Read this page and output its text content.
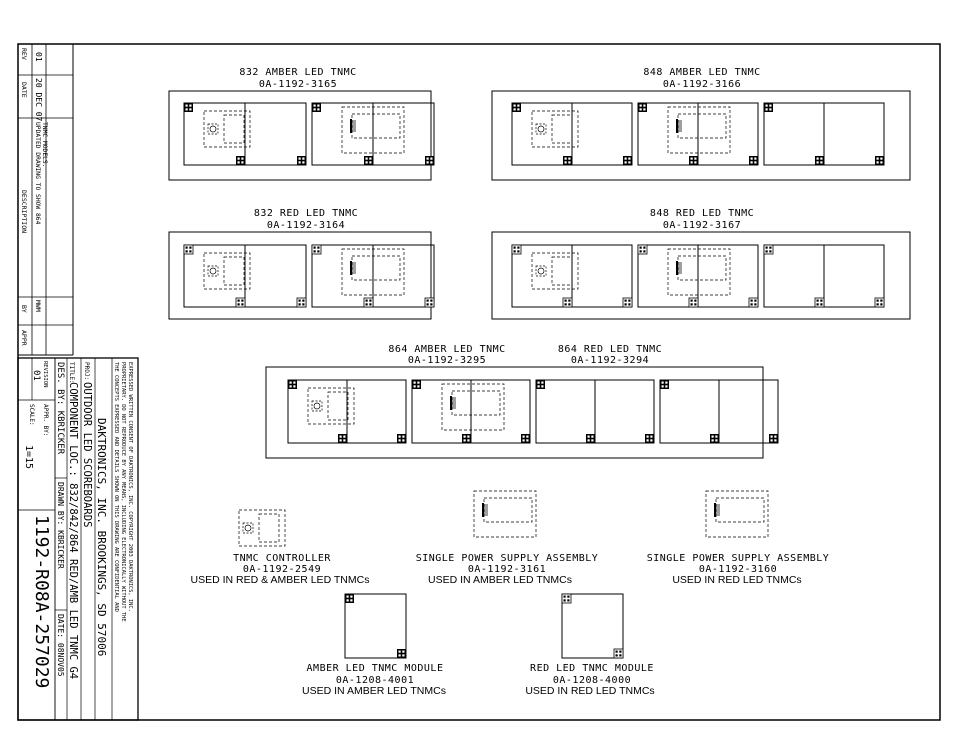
REV
DATE
DESCRIPTION
BY
APPR
01
20 DEC 07
UPDATED DRAWING TO SHOW 864 TNMC MODELS.
MWM
THE CONCEPTS EXPRESSED AND DETAILS SHOWN ON THIS DRAWING ARE CONFIDENTIAL AND PROPRIETARY. DO NOT REPRODUCE BY ANY MEANS, INCLUDING ELECTRONICALLY WITHOUT THE EXPRESSED WRITTEN CONSENT OF DAKTRONICS, INC. COPYRIGHT 2003 DAKTRONICS, INC.
DAKTRONICS, INC. BROOKINGS, SD 57006
PROJ:
OUTDOOR LED SCOREBOARDS
TITLE:
COMPONENT LOC.: 832/842/864 RED/AMB LED TNMC G4
DES. BY: KBRICKER
DRAWN BY: KBRICKER
DATE: 08NOV05
REVISION
01
APPR. BY:
SCALE:
1=15
1192-R08A-257029
832 AMBER LED TNMC
0A-1192-3165
848 AMBER LED TNMC
0A-1192-3166
832 RED LED TNMC
0A-1192-3164
848 RED LED TNMC
0A-1192-3167
864 AMBER LED TNMC
0A-1192-3295
864 RED LED TNMC
0A-1192-3294
TNMC CONTROLLER
0A-1192-2549
USED IN RED & AMBER LED TNMCs
SINGLE POWER SUPPLY ASSEMBLY
0A-1192-3161
USED IN AMBER LED TNMCs
SINGLE POWER SUPPLY ASSEMBLY
0A-1192-3160
USED IN RED LED TNMCs
AMBER LED TNMC MODULE
0A-1208-4001
USED IN AMBER LED TNMCs
RED LED TNMC MODULE
0A-1208-4000
USED IN RED LED TNMCs
